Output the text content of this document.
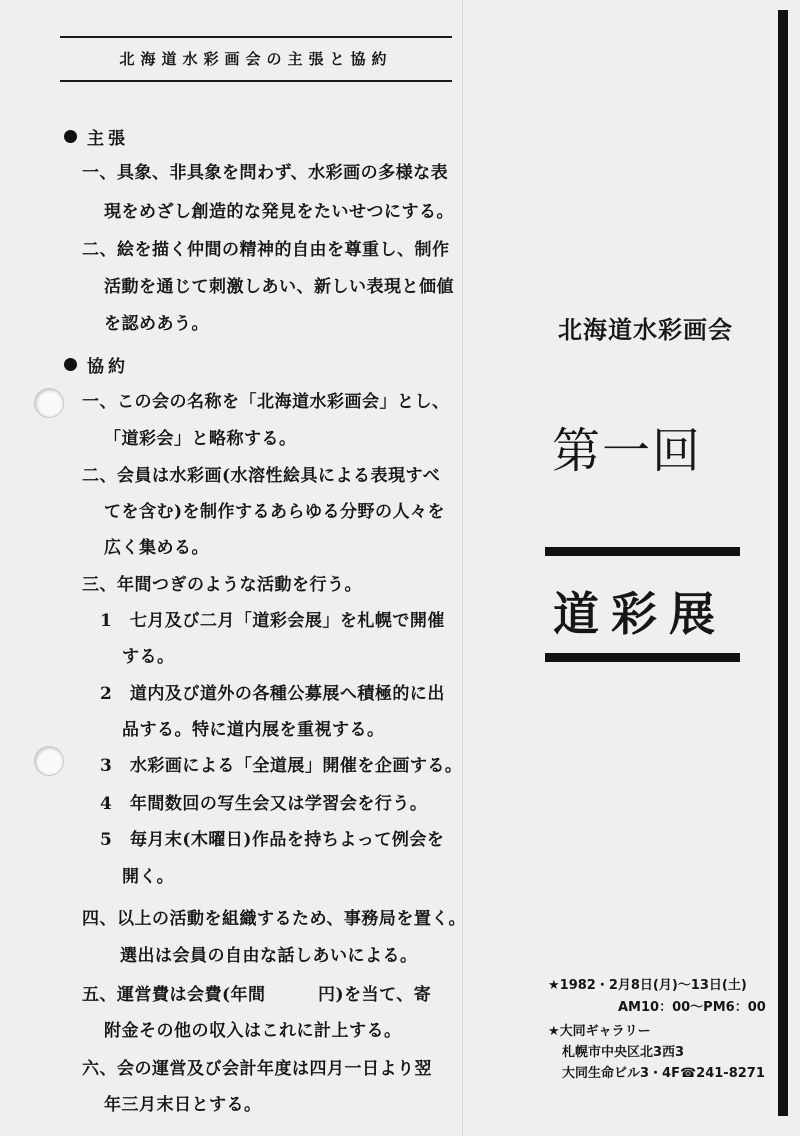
北海道水彩画会の主張と協約
主張
一、具象、非具象を問わず、水彩画の多様な表
現をめざし創造的な発見をたいせつにする。
二、絵を描く仲間の精神的自由を尊重し、制作
活動を通じて刺激しあい、新しい表現と価値
を認めあう。
協約
一、この会の名称を「北海道水彩画会」とし、
「道彩会」と略称する。
二、会員は水彩画(水溶性絵具による表現すべ
てを含む)を制作するあらゆる分野の人々を
広く集める。
三、年間つぎのような活動を行う。
1　七月及び二月「道彩会展」を札幌で開催
する。
2　道内及び道外の各種公募展へ積極的に出
品する。特に道内展を重視する。
3　水彩画による「全道展」開催を企画する。
4　年間数回の写生会又は学習会を行う。
5　毎月末(木曜日)作品を持ちよって例会を
開く。
四、以上の活動を組織するため、事務局を置く。
選出は会員の自由な話しあいによる。
五、運営費は会費(年間　　　円)を当て、寄
附金その他の収入はこれに計上する。
六、会の運営及び会計年度は四月一日より翌
年三月末日とする。
北海道水彩画会
第一回
道彩展
★1982・2月8日(月)〜13日(土)
AM10：00〜PM6：00
★大同ギャラリー
札幌市中央区北3西3
大同生命ビル3・4F☎241-8271
